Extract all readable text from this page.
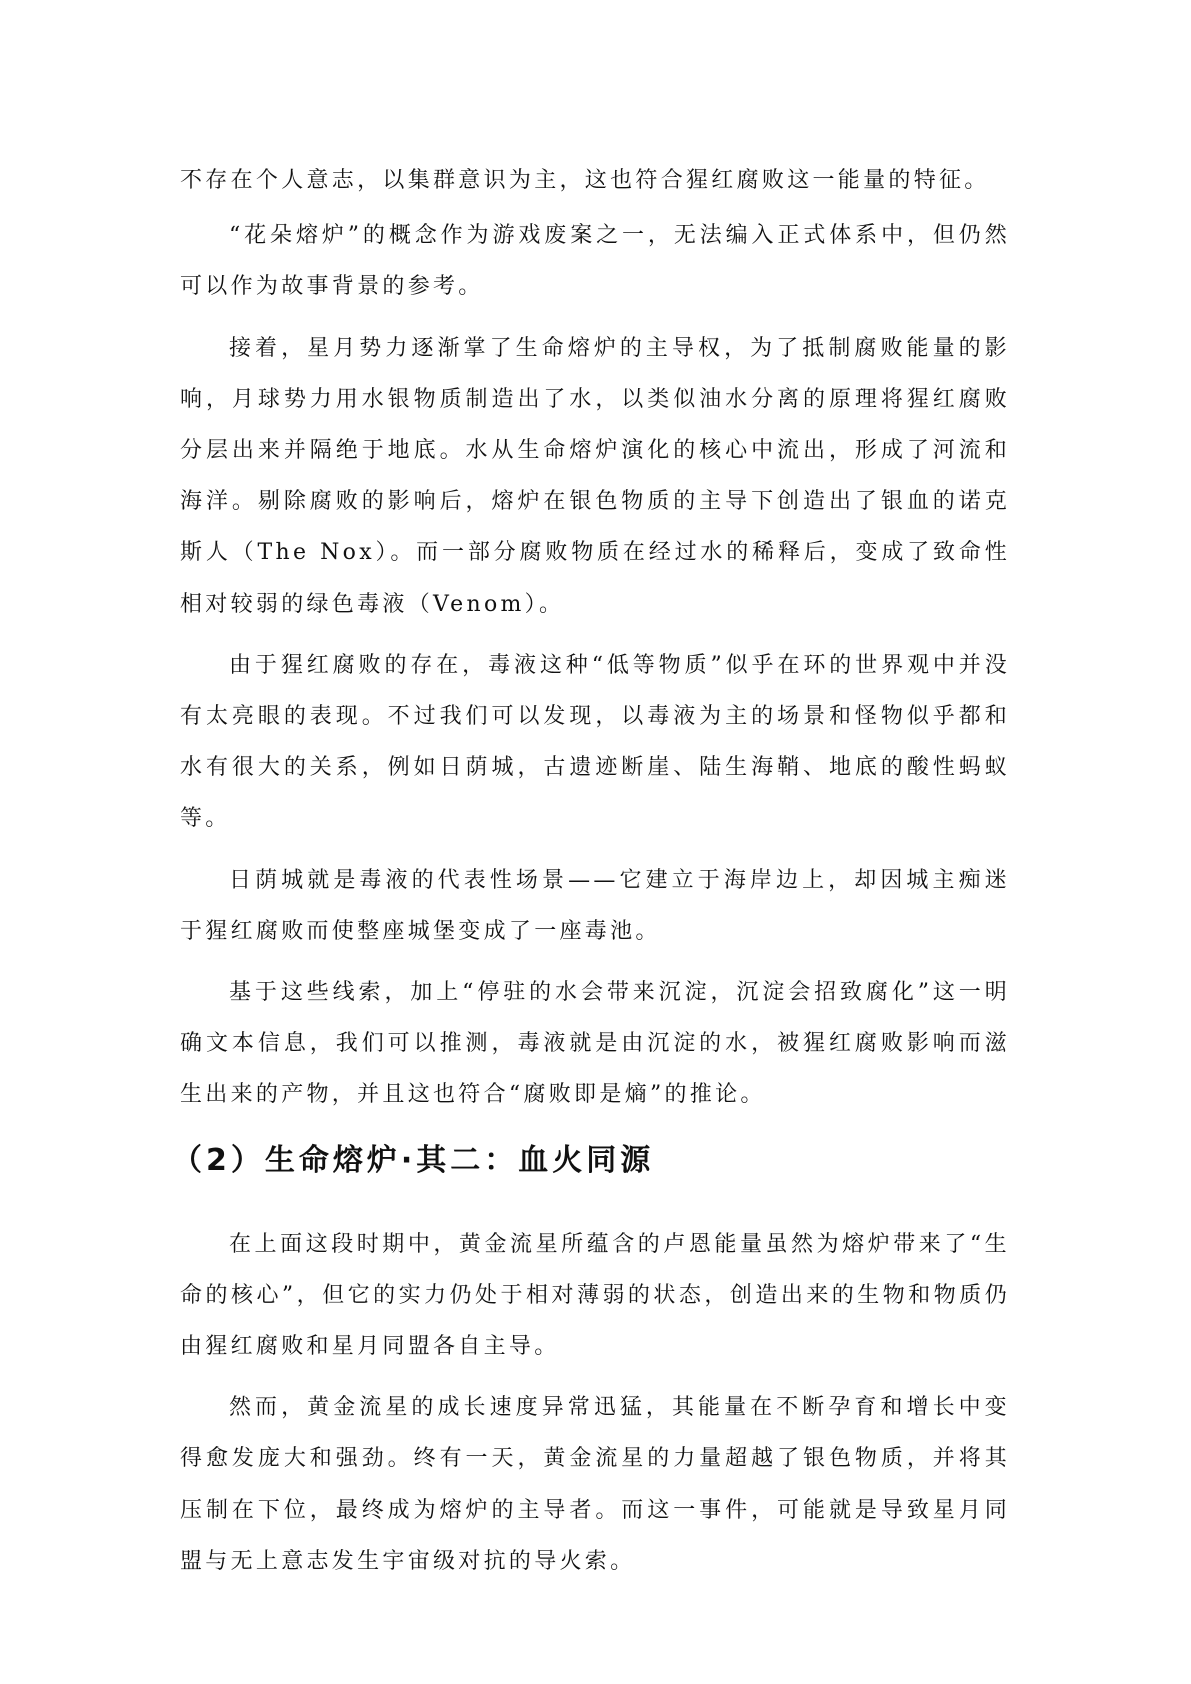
不存在个人意志，以集群意识为主，这也符合猩红腐败这一能量的特征。

“花朵熔炉”的概念作为游戏废案之一，无法编入正式体系中，但仍然可以作为故事背景的参考。

接着，星月势力逐渐掌了生命熔炉的主导权，为了抵制腐败能量的影响，月球势力用水银物质制造出了水，以类似油水分离的原理将猩红腐败分层出来并隔绝于地底。水从生命熔炉演化的核心中流出，形成了河流和海洋。剔除腐败的影响后，熔炉在银色物质的主导下创造出了银血的诺克斯人（The Nox）。而一部分腐败物质在经过水的稀释后，变成了致命性相对较弱的绿色毒液（Venom）。

由于猩红腐败的存在，毒液这种“低等物质”似乎在环的世界观中并没有太亮眼的表现。不过我们可以发现，以毒液为主的场景和怪物似乎都和水有很大的关系，例如日荫城，古遗迹断崖、陆生海鞘、地底的酸性蚂蚁等。

日荫城就是毒液的代表性场景——它建立于海岸边上，却因城主痴迷于猩红腐败而使整座城堡变成了一座毒池。

基于这些线索，加上“停驻的水会带来沉淀，沉淀会招致腐化”这一明确文本信息，我们可以推测，毒液就是由沉淀的水，被猩红腐败影响而滋生出来的产物，并且这也符合“腐败即是熵”的推论。

（2）生命熔炉·其二：血火同源

在上面这段时期中，黄金流星所蕴含的卢恩能量虽然为熔炉带来了“生命的核心”，但它的实力仍处于相对薄弱的状态，创造出来的生物和物质仍由猩红腐败和星月同盟各自主导。

然而，黄金流星的成长速度异常迅猛，其能量在不断孕育和增长中变得愈发庞大和强劲。终有一天，黄金流星的力量超越了银色物质，并将其压制在下位，最终成为熔炉的主导者。而这一事件，可能就是导致星月同盟与无上意志发生宇宙级对抗的导火索。
